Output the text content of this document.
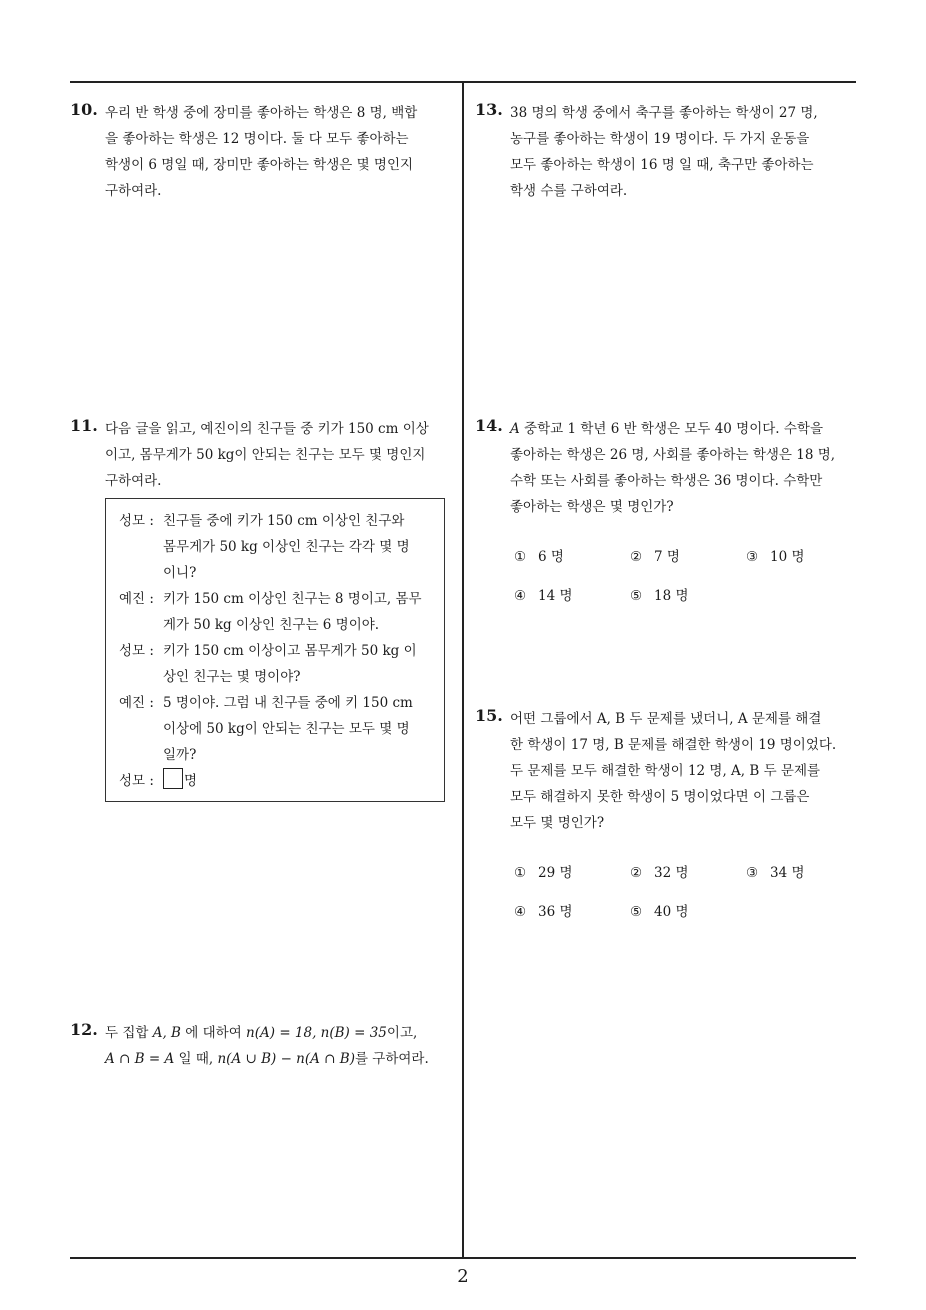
10. 우리 반 학생 중에 장미를 좋아하는 학생은 8 명, 백합
을 좋아하는 학생은 12 명이다. 둘 다 모두 좋아하는
학생이 6 명일 때, 장미만 좋아하는 학생은 몇 명인지
구하여라.
11. 다음 글을 읽고, 예진이의 친구들 중 키가 150 cm 이상
이고, 몸무게가 50 kg이 안되는 친구는 모두 몇 명인지
구하여라.
성모 : 친구들 중에 키가 150 cm 이상인 친구와
몸무게가 50 kg 이상인 친구는 각각 몇 명
이니?
예진 : 키가 150 cm 이상인 친구는 8 명이고, 몸무
게가 50 kg 이상인 친구는 6 명이야.
성모 : 키가 150 cm 이상이고 몸무게가 50 kg 이
상인 친구는 몇 명이야?
예진 : 5 명이야. 그럼 내 친구들 중에 키 150 cm
이상에 50 kg이 안되는 친구는 모두 몇 명
일까?
성모 :	명
12. 두 집합 A, B 에 대하여 n(A) = 18, n(B) = 35이고,
A ∩ B = A 일 때, n(A ∪ B) − n(A ∩ B)를 구하여라.
13. 38 명의 학생 중에서 축구를 좋아하는 학생이 27 명,
농구를 좋아하는 학생이 19 명이다. 두 가지 운동을
모두 좋아하는 학생이 16 명 일 때, 축구만 좋아하는
학생 수를 구하여라.
14. A 중학교 1 학년 6 반 학생은 모두 40 명이다. 수학을
좋아하는 학생은 26 명, 사회를 좋아하는 학생은 18 명,
수학 또는 사회를 좋아하는 학생은 36 명이다. 수학만
좋아하는 학생은 몇 명인가?
① 6 명	② 7 명	③ 10 명
④ 14 명	⑤ 18 명
15. 어떤 그룹에서 A, B 두 문제를 냈더니, A 문제를 해결
한 학생이 17 명, B 문제를 해결한 학생이 19 명이었다.
두 문제를 모두 해결한 학생이 12 명, A, B 두 문제를
모두 해결하지 못한 학생이 5 명이었다면 이 그룹은
모두 몇 명인가?
① 29 명	② 32 명	③ 34 명
④ 36 명	⑤ 40 명
2
